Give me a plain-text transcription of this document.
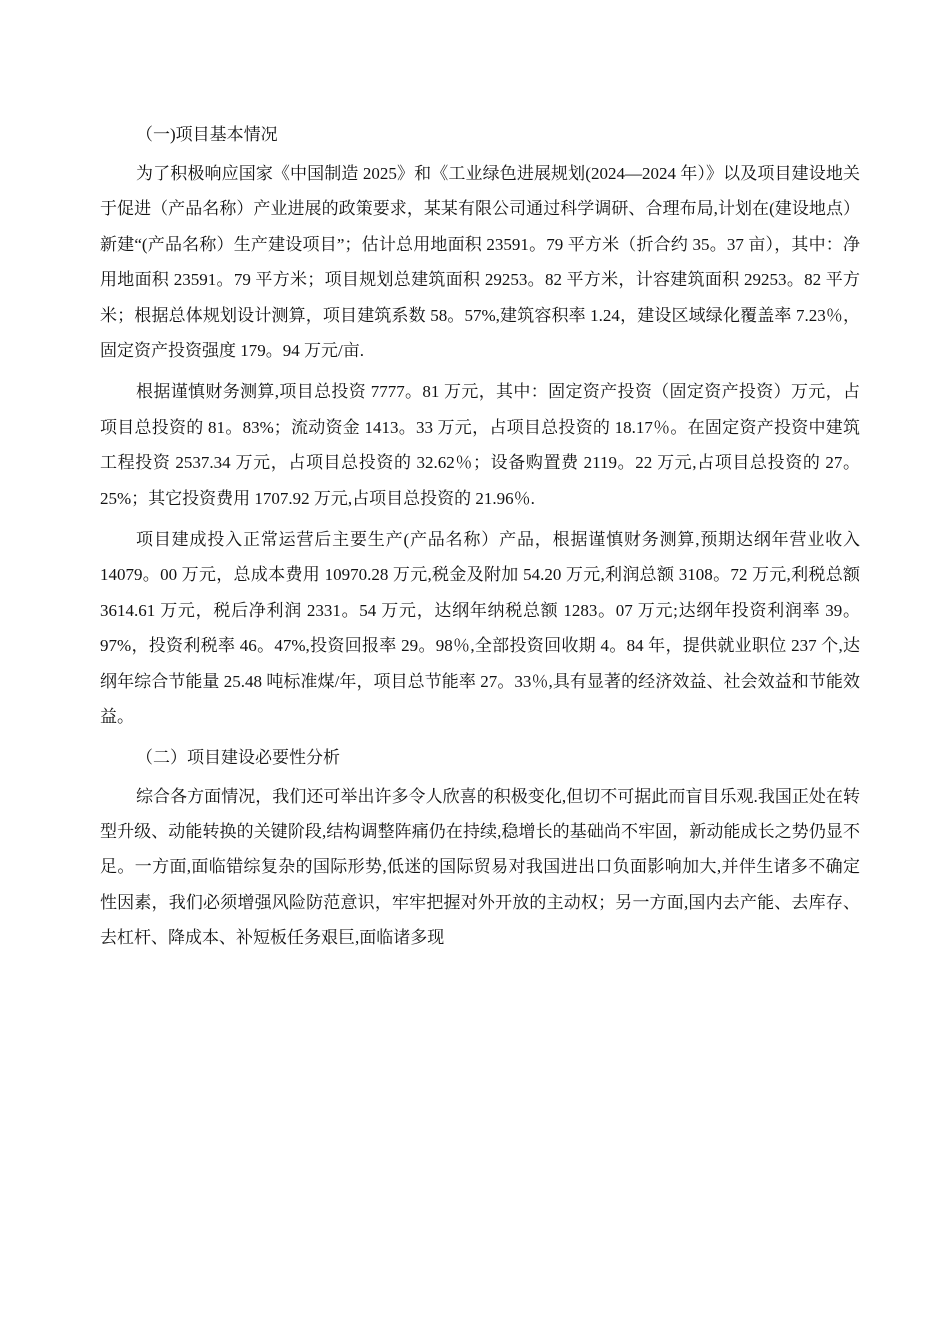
（一)项目基本情况

为了积极响应国家《中国制造 2025》和《工业绿色进展规划(2024—2024 年）》以及项目建设地关于促进（产品名称）产业进展的政策要求，某某有限公司通过科学调研、合理布局,计划在(建设地点）新建“(产品名称）生产建设项目”；估计总用地面积 23591。79 平方米（折合约 35。37 亩），其中：净用地面积 23591。79 平方米；项目规划总建筑面积 29253。82 平方米，计容建筑面积 29253。82 平方米；根据总体规划设计测算，项目建筑系数 58。57%,建筑容积率 1.24，建设区域绿化覆盖率 7.23％，固定资产投资强度 179。94 万元/亩.

根据谨慎财务测算,项目总投资 7777。81 万元，其中：固定资产投资（固定资产投资）万元，占项目总投资的 81。83%；流动资金 1413。33 万元，占项目总投资的 18.17％。在固定资产投资中建筑工程投资 2537.34 万元，占项目总投资的 32.62％；设备购置费 2119。22 万元,占项目总投资的 27。25%；其它投资费用 1707.92 万元,占项目总投资的 21.96％.

项目建成投入正常运营后主要生产(产品名称）产品，根据谨慎财务测算,预期达纲年营业收入 14079。00 万元，总成本费用 10970.28 万元,税金及附加 54.20 万元,利润总额 3108。72 万元,利税总额 3614.61 万元，税后净利润 2331。54 万元，达纲年纳税总额 1283。07 万元;达纲年投资利润率 39。97%，投资利税率 46。47%,投资回报率 29。98％,全部投资回收期 4。84 年，提供就业职位 237 个,达纲年综合节能量 25.48 吨标准煤/年，项目总节能率 27。33％,具有显著的经济效益、社会效益和节能效益。

（二）项目建设必要性分析

综合各方面情况，我们还可举出许多令人欣喜的积极变化,但切不可据此而盲目乐观.我国正处在转型升级、动能转换的关键阶段,结构调整阵痛仍在持续,稳增长的基础尚不牢固，新动能成长之势仍显不足。一方面,面临错综复杂的国际形势,低迷的国际贸易对我国进出口负面影响加大,并伴生诸多不确定性因素，我们必须增强风险防范意识，牢牢把握对外开放的主动权；另一方面,国内去产能、去库存、去杠杆、降成本、补短板任务艰巨,面临诸多现
